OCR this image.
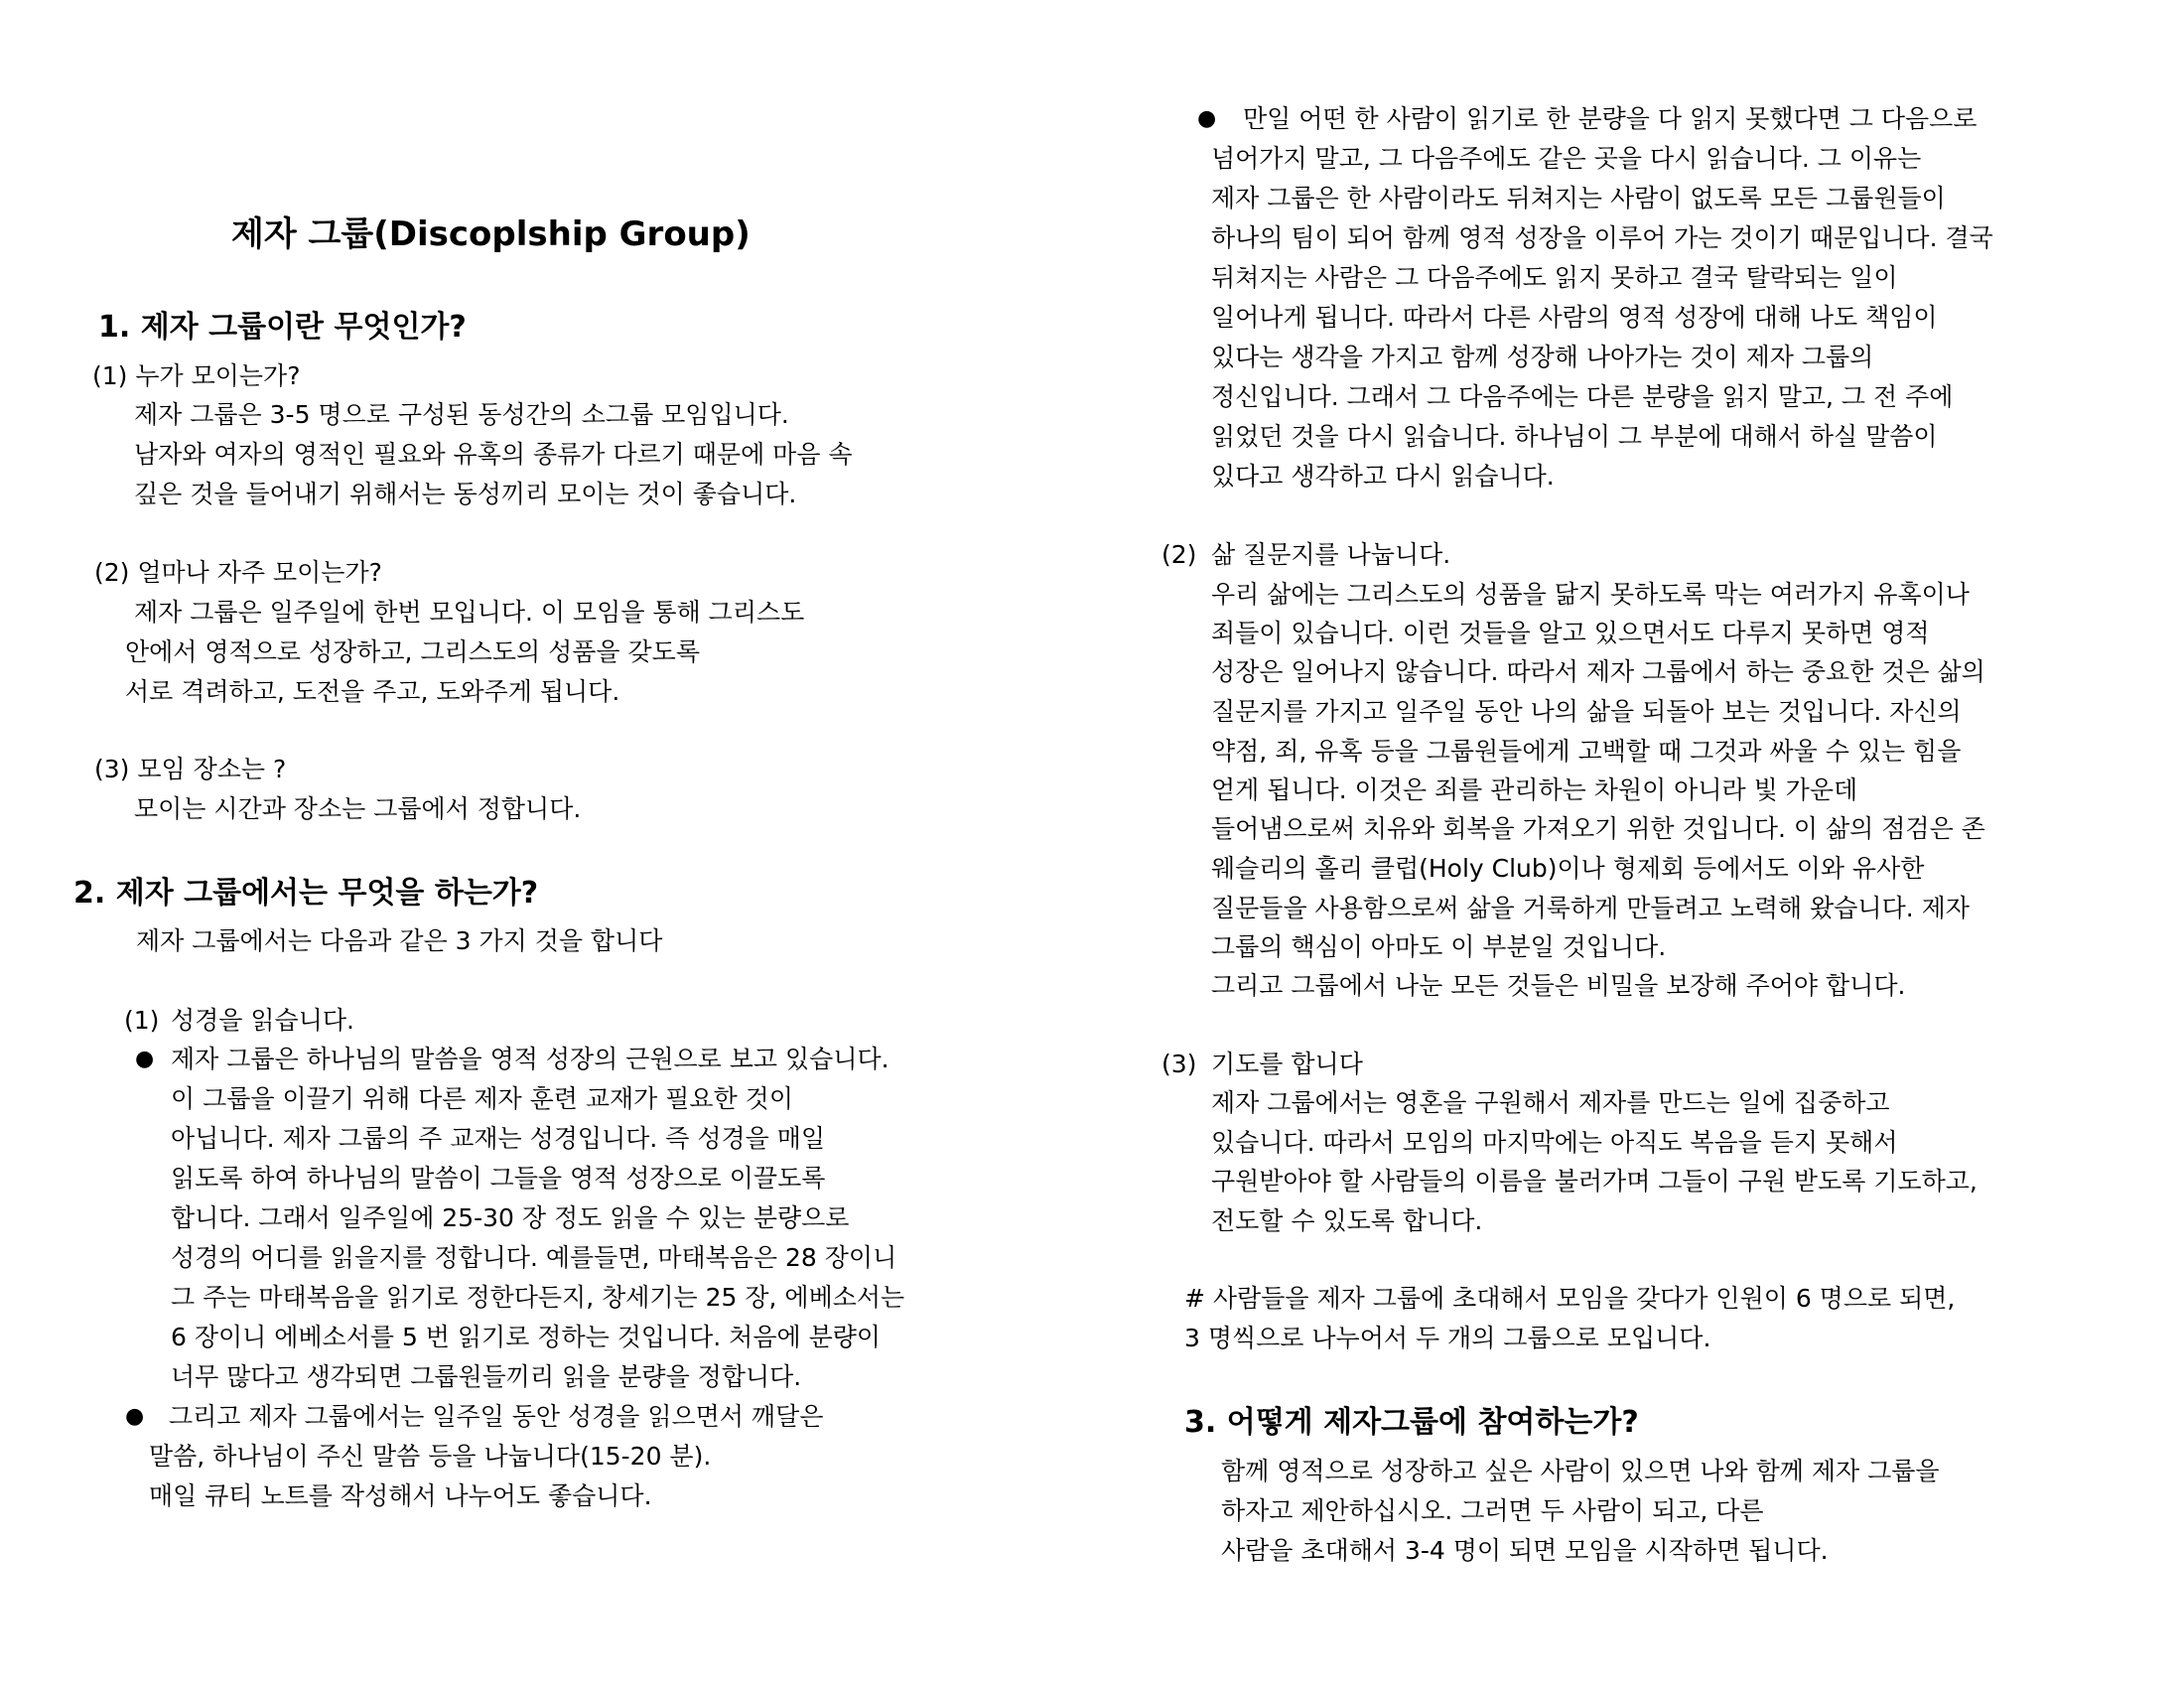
제자 그룹(Discoplship Group)
1. 제자 그룹이란 무엇인가?
(1) 누가 모이는가?
제자 그룹은 3-5 명으로 구성된 동성간의 소그룹 모임입니다.
남자와 여자의 영적인 필요와 유혹의 종류가 다르기 때문에 마음 속
깊은 것을 들어내기 위해서는 동성끼리 모이는 것이 좋습니다.
(2) 얼마나 자주 모이는가?
제자 그룹은 일주일에 한번 모입니다. 이 모임을 통해 그리스도
안에서 영적으로 성장하고, 그리스도의 성품을 갖도록
서로 격려하고, 도전을 주고, 도와주게 됩니다.
(3) 모임 장소는 ?
모이는 시간과 장소는 그룹에서 정합니다.
2. 제자 그룹에서는 무엇을 하는가?
제자 그룹에서는 다음과 같은 3 가지 것을 합니다
(1) 성경을 읽습니다.
● 제자 그룹은 하나님의 말씀을 영적 성장의 근원으로 보고 있습니다.
이 그룹을 이끌기 위해 다른 제자 훈련 교재가 필요한 것이
아닙니다. 제자 그룹의 주 교재는 성경입니다. 즉 성경을 매일
읽도록 하여 하나님의 말씀이 그들을 영적 성장으로 이끌도록
합니다. 그래서 일주일에 25-30 장 정도 읽을 수 있는 분량으로
성경의 어디를 읽을지를 정합니다. 예를들면, 마태복음은 28 장이니
그 주는 마태복음을 읽기로 정한다든지, 창세기는 25 장, 에베소서는
6 장이니 에베소서를 5 번 읽기로 정하는 것입니다. 처음에 분량이
너무 많다고 생각되면 그룹원들끼리 읽을 분량을 정합니다.
● 그리고 제자 그룹에서는 일주일 동안 성경을 읽으면서 깨달은
말씀, 하나님이 주신 말씀 등을 나눕니다(15-20 분).
매일 큐티 노트를 작성해서 나누어도 좋습니다.
● 만일 어떤 한 사람이 읽기로 한 분량을 다 읽지 못했다면 그 다음으로
넘어가지 말고, 그 다음주에도 같은 곳을 다시 읽습니다. 그 이유는
제자 그룹은 한 사람이라도 뒤쳐지는 사람이 없도록 모든 그룹원들이
하나의 팀이 되어 함께 영적 성장을 이루어 가는 것이기 때문입니다. 결국
뒤쳐지는 사람은 그 다음주에도 읽지 못하고 결국 탈락되는 일이
일어나게 됩니다. 따라서 다른 사람의 영적 성장에 대해 나도 책임이
있다는 생각을 가지고 함께 성장해 나아가는 것이 제자 그룹의
정신입니다. 그래서 그 다음주에는 다른 분량을 읽지 말고, 그 전 주에
읽었던 것을 다시 읽습니다. 하나님이 그 부분에 대해서 하실 말씀이
있다고 생각하고 다시 읽습니다.
(2) 삶 질문지를 나눕니다.
우리 삶에는 그리스도의 성품을 닮지 못하도록 막는 여러가지 유혹이나
죄들이 있습니다. 이런 것들을 알고 있으면서도 다루지 못하면 영적
성장은 일어나지 않습니다. 따라서 제자 그룹에서 하는 중요한 것은 삶의
질문지를 가지고 일주일 동안 나의 삶을 되돌아 보는 것입니다. 자신의
약점, 죄, 유혹 등을 그룹원들에게 고백할 때 그것과 싸울 수 있는 힘을
얻게 됩니다. 이것은 죄를 관리하는 차원이 아니라 빛 가운데
들어냄으로써 치유와 회복을 가져오기 위한 것입니다. 이 삶의 점검은 존
웨슬리의 홀리 클럽(Holy Club)이나 형제회 등에서도 이와 유사한
질문들을 사용함으로써 삶을 거룩하게 만들려고 노력해 왔습니다. 제자
그룹의 핵심이 아마도 이 부분일 것입니다.
그리고 그룹에서 나눈 모든 것들은 비밀을 보장해 주어야 합니다.
(3) 기도를 합니다
제자 그룹에서는 영혼을 구원해서 제자를 만드는 일에 집중하고
있습니다. 따라서 모임의 마지막에는 아직도 복음을 듣지 못해서
구원받아야 할 사람들의 이름을 불러가며 그들이 구원 받도록 기도하고,
전도할 수 있도록 합니다.
# 사람들을 제자 그룹에 초대해서 모임을 갖다가 인원이 6 명으로 되면,
3 명씩으로 나누어서 두 개의 그룹으로 모입니다.
3. 어떻게 제자그룹에 참여하는가?
함께 영적으로 성장하고 싶은 사람이 있으면 나와 함께 제자 그룹을
하자고 제안하십시오. 그러면 두 사람이 되고, 다른
사람을 초대해서 3-4 명이 되면 모임을 시작하면 됩니다.
